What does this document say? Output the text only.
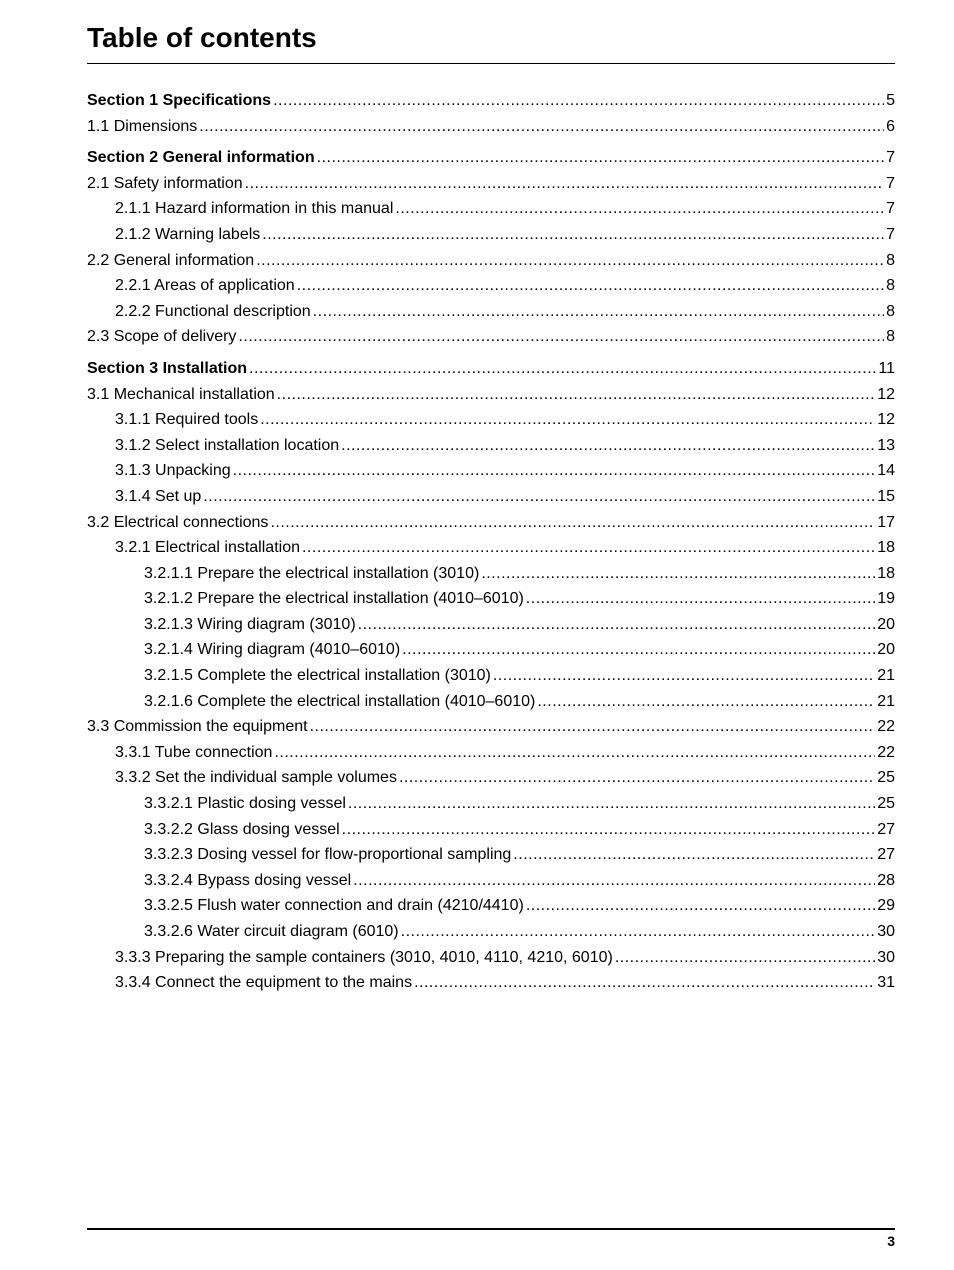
Table of contents
Section 1 Specifications .....	5
1.1 Dimensions .....	6
Section 2 General information .....	7
2.1 Safety information .....	7
2.1.1 Hazard information in this manual .....	7
2.1.2 Warning labels .....	7
2.2 General information .....	8
2.2.1 Areas of application .....	8
2.2.2 Functional description .....	8
2.3 Scope of delivery .....	8
Section 3 Installation .....	11
3.1 Mechanical installation .....	12
3.1.1 Required tools .....	12
3.1.2 Select installation location .....	13
3.1.3 Unpacking .....	14
3.1.4 Set up .....	15
3.2 Electrical connections .....	17
3.2.1 Electrical installation .....	18
3.2.1.1 Prepare the electrical installation (3010) .....	18
3.2.1.2 Prepare the electrical installation (4010–6010) .....	19
3.2.1.3 Wiring diagram (3010) .....	20
3.2.1.4 Wiring diagram (4010–6010) .....	20
3.2.1.5 Complete the electrical installation (3010) .....	21
3.2.1.6 Complete the electrical installation (4010–6010) .....	21
3.3 Commission the equipment .....	22
3.3.1 Tube connection .....	22
3.3.2 Set the individual sample volumes .....	25
3.3.2.1 Plastic dosing vessel .....	25
3.3.2.2 Glass dosing vessel .....	27
3.3.2.3 Dosing vessel for flow-proportional sampling .....	27
3.3.2.4 Bypass dosing vessel .....	28
3.3.2.5 Flush water connection and drain (4210/4410) .....	29
3.3.2.6 Water circuit diagram (6010) .....	30
3.3.3 Preparing the sample containers (3010, 4010, 4110, 4210, 6010) .....	30
3.3.4 Connect the equipment to the mains .....	31
3
